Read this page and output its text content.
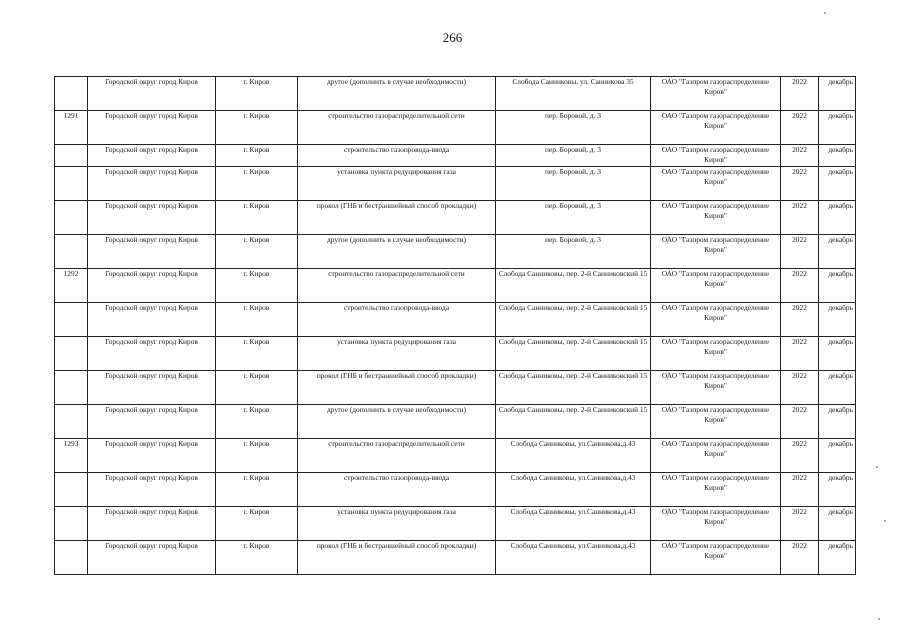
266
	Городской округ город Киров	г. Киров	другое (дополнить в случае необходимости)	Слобода Санниковы, ул. Санникова 35	ОАО "Газпром газораспределение Киров"	2022	декабрь
1291	Городской округ город Киров	г. Киров	строительство газораспределительной сети	пер. Боровой, д. 3	ОАО "Газпром газораспределение Киров"	2022	декабрь
	Городской округ город Киров	г. Киров	строительство газопровода-ввода	пер. Боровой, д. 3	ОАО "Газпром газораспределение Киров"	2022	декабрь
	Городской округ город Киров	г. Киров	установка пункта редуцирования газа	пер. Боровой, д. 3	ОАО "Газпром газораспределение Киров"	2022	декабрь
	Городской округ город Киров	г. Киров	прокол (ГНБ и бестраншейный способ прокладки)	пер. Боровой, д. 3	ОАО "Газпром газораспределение Киров"	2022	декабрь
	Городской округ город Киров	г. Киров	другое (дополнить в случае необходимости)	пер. Боровой, д. 3	ОАО "Газпром газораспределение Киров"	2022	декабрь
1292	Городской округ город Киров	г. Киров	строительство газораспределительной сети	Слобода Санниковы, пер. 2-й Санниковский 15	ОАО "Газпром газораспределение Киров"	2022	декабрь
	Городской округ город Киров	г. Киров	строительство газопровода-ввода	Слобода Санниковы, пер. 2-й Санниковский 15	ОАО "Газпром газораспределение Киров"	2022	декабрь
	Городской округ город Киров	г. Киров	установка пункта редуцирования газа	Слобода Санниковы, пер. 2-й Санниковский 15	ОАО "Газпром газораспределение Киров"	2022	декабрь
	Городской округ город Киров	г. Киров	прокол (ГНБ и бестраншейный способ прокладки)	Слобода Санниковы, пер. 2-й Санниковский 15	ОАО "Газпром газораспределение Киров"	2022	декабрь
	Городской округ город Киров	г. Киров	другое (дополнить в случае необходимости)	Слобода Санниковы, пер. 2-й Санниковский 15	ОАО "Газпром газораспределение Киров"	2022	декабрь
1293	Городской округ город Киров	г. Киров	строительство газораспределительной сети	Слобода Санниковы, ул.Санникова,д.43	ОАО "Газпром газораспределение Киров"	2022	декабрь
	Городской округ город Киров	г. Киров	строительство газопровода-ввода	Слобода Санниковы, ул.Санникова,д.43	ОАО "Газпром газораспределение Киров"	2022	декабрь
	Городской округ город Киров	г. Киров	установка пункта редуцирования газа	Слобода Санниковы, ул.Санникова,д.43	ОАО "Газпром газораспределение Киров"	2022	декабрь
	Городской округ город Киров	г. Киров	прокол (ГНБ и бестраншейный способ прокладки)	Слобода Санниковы, ул.Санникова,д.43	ОАО "Газпром газораспределение Киров"	2022	декабрь
